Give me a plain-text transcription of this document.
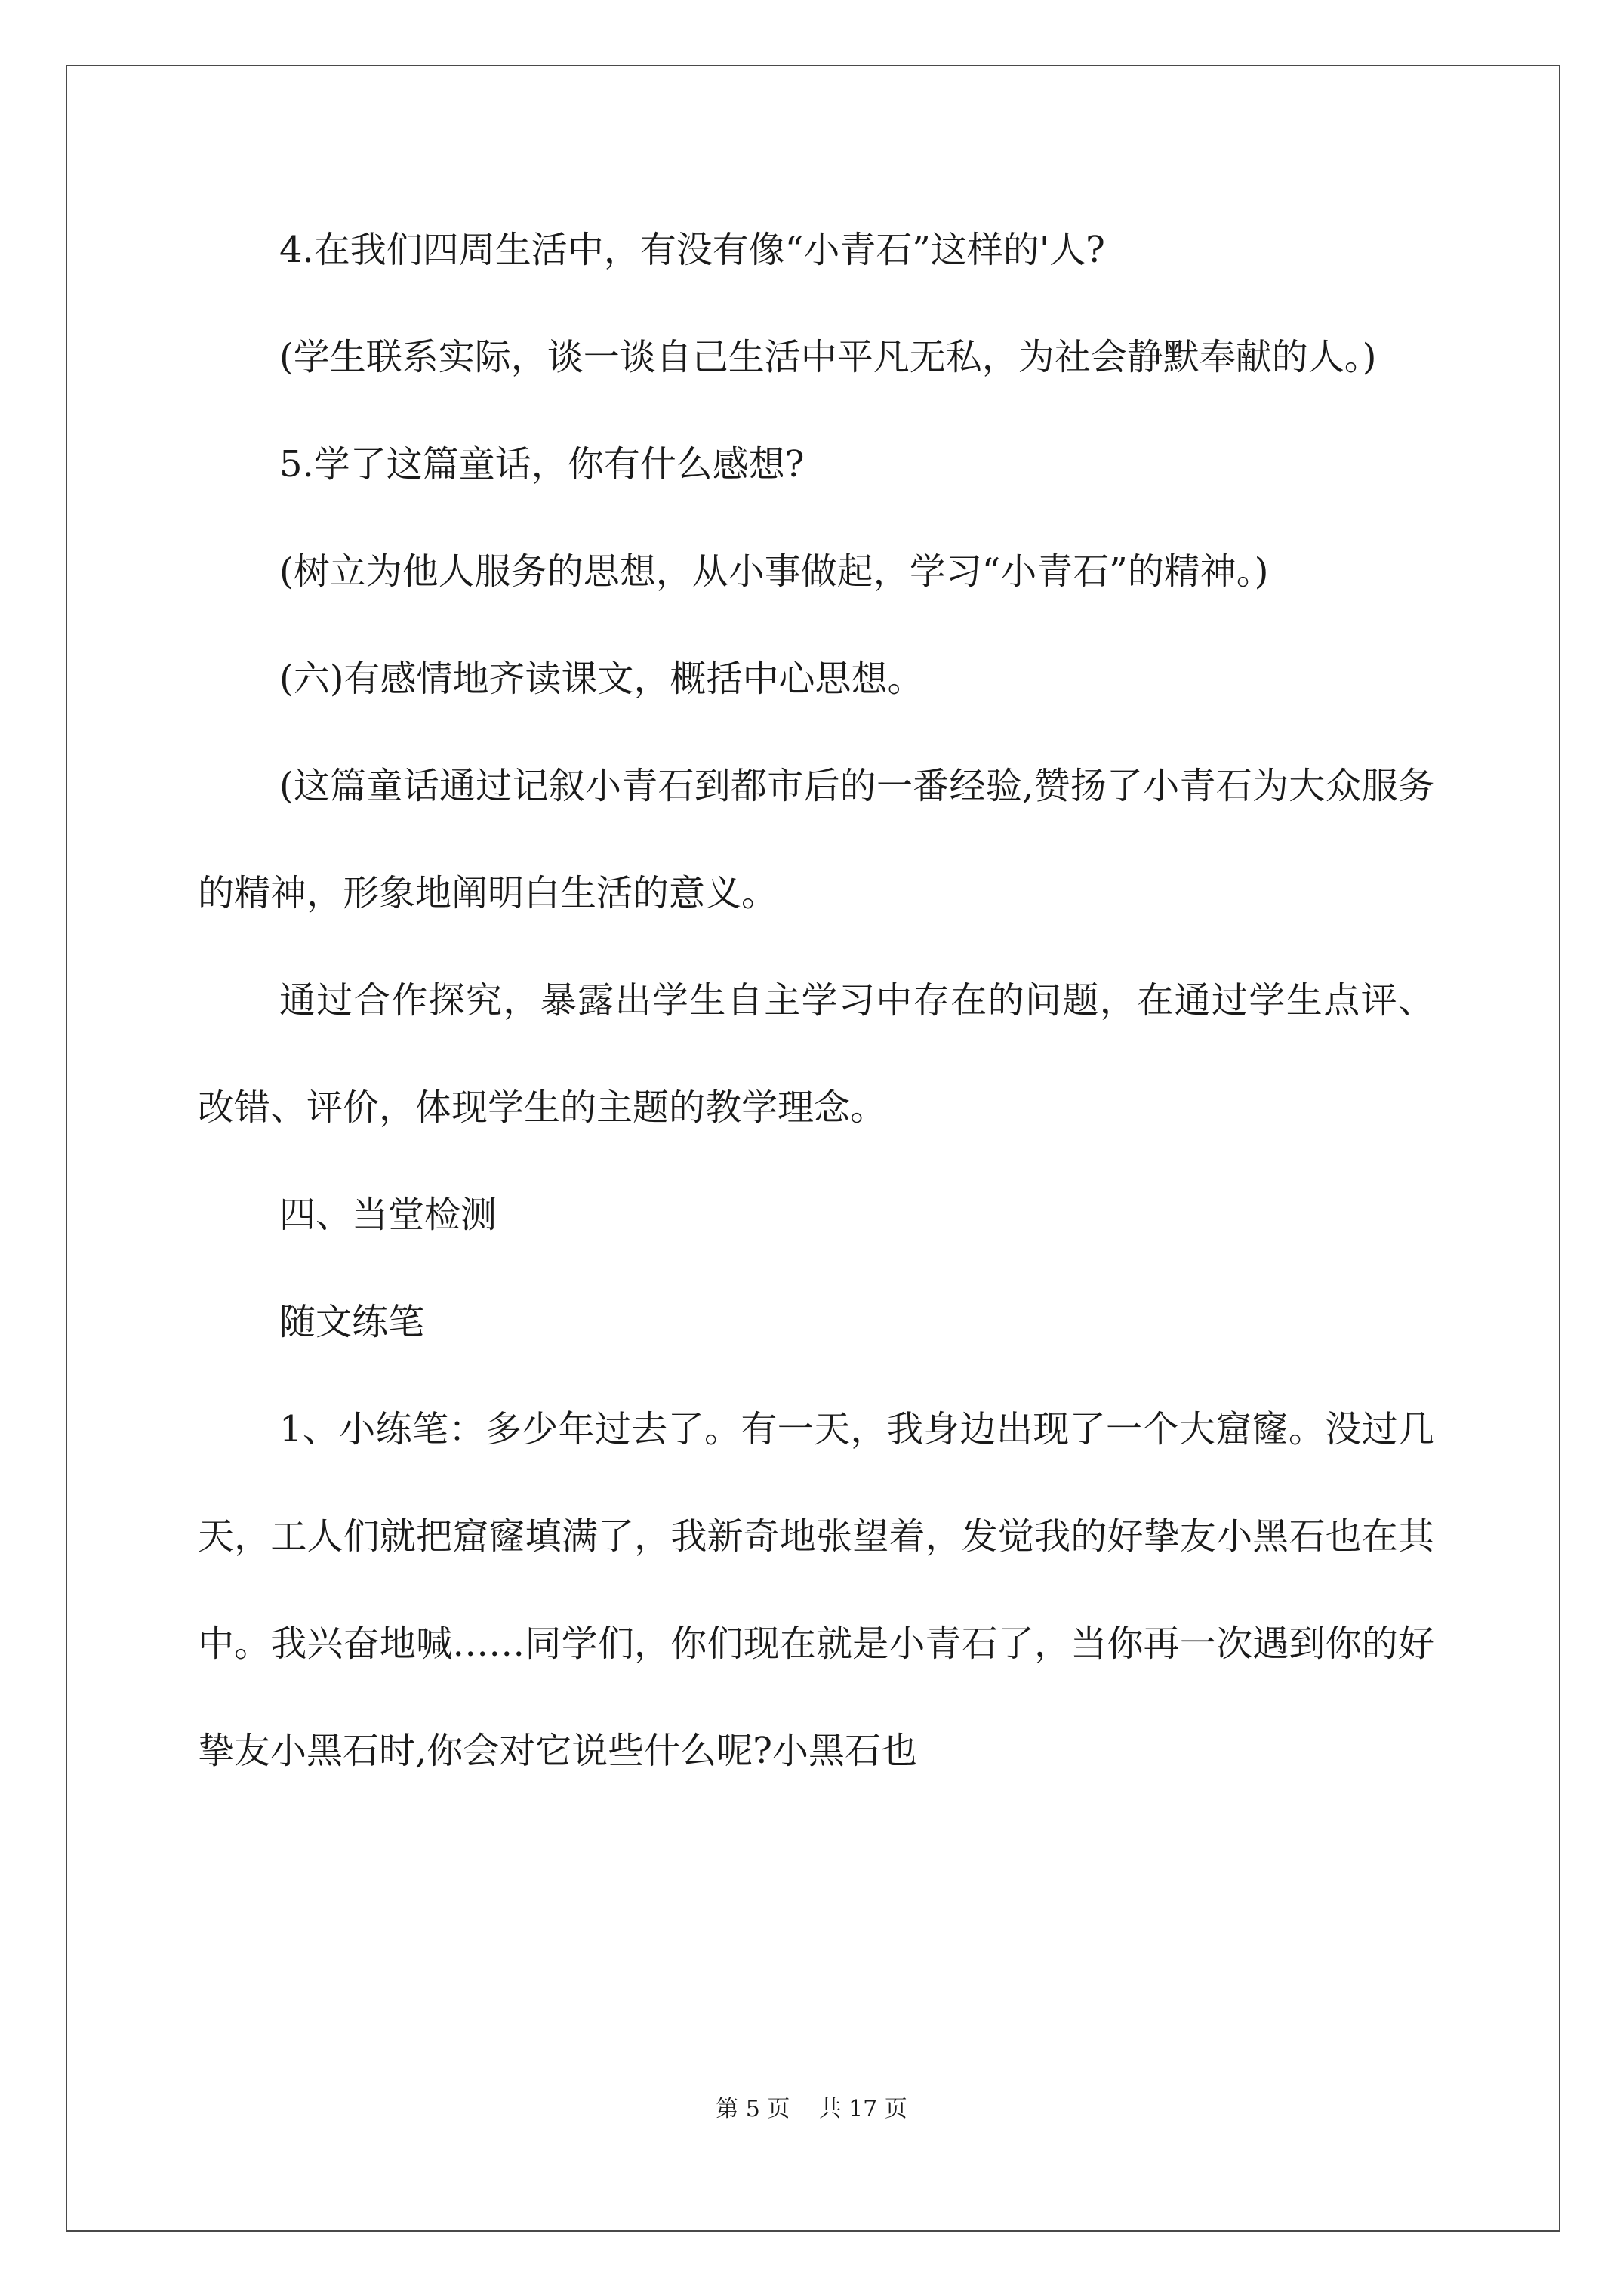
4.在我们四周生活中，有没有像“小青石”这样的'人?

(学生联系实际，谈一谈自己生活中平凡无私，为社会静默奉献的人。)

5.学了这篇童话，你有什么感想?

(树立为他人服务的思想，从小事做起，学习“小青石”的精神。)

(六)有感情地齐读课文，概括中心思想。

(这篇童话通过记叙小青石到都市后的一番经验,赞扬了小青石为大众服务的精神，形象地阐明白生活的意义。

通过合作探究，暴露出学生自主学习中存在的问题，在通过学生点评、改错、评价，体现学生的主题的教学理念。

四、当堂检测

随文练笔

1、小练笔：多少年过去了。有一天，我身边出现了一个大窟窿。没过几天，工人们就把窟窿填满了，我新奇地张望着，发觉我的好挚友小黑石也在其中。我兴奋地喊……同学们，你们现在就是小青石了，当你再一次遇到你的好挚友小黑石时,你会对它说些什么呢?小黑石也

第 5 页    共 17 页
